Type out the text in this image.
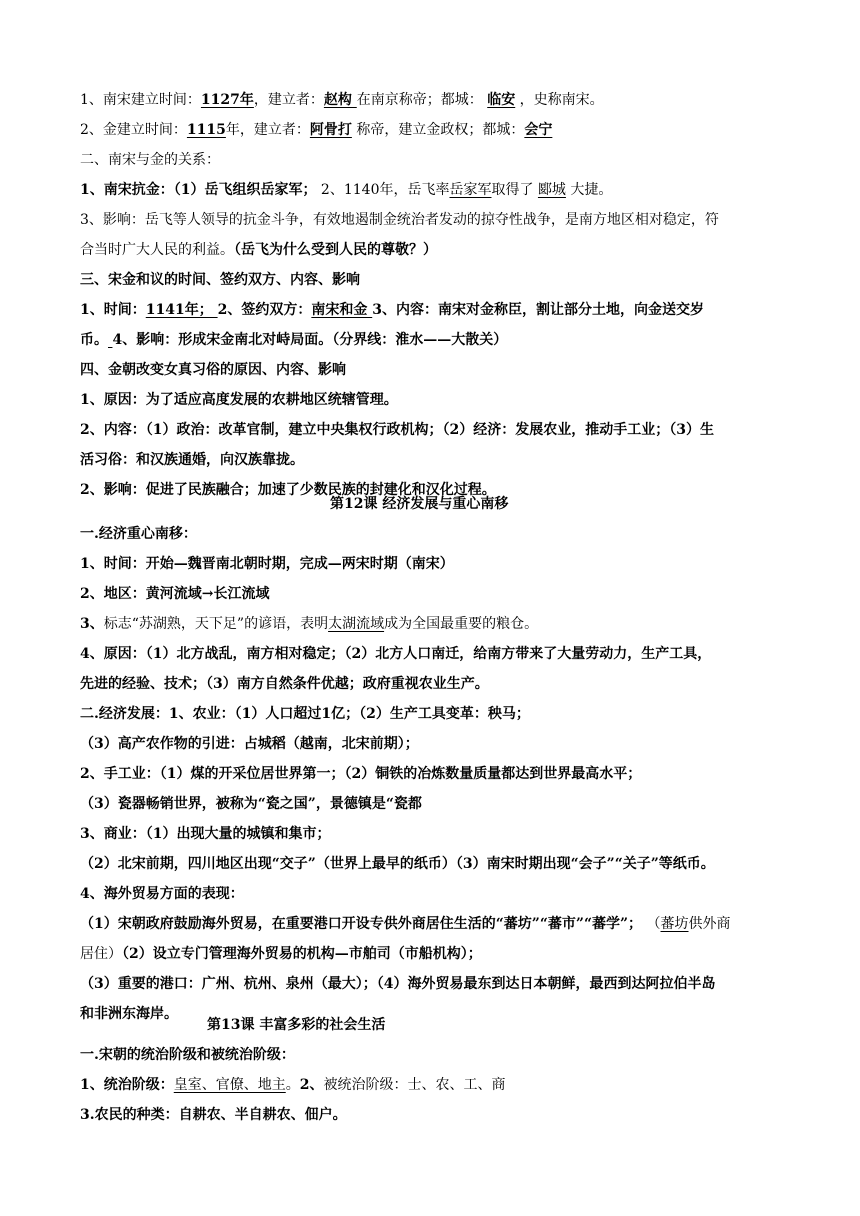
1、南宋建立时间：1127年，建立者：赵构 在南京称帝；都城： 临安 ，史称南宋。
2、金建立时间：1115年，建立者：阿骨打 称帝，建立金政权；都城：会宁
二、南宋与金的关系：
1、南宋抗金：（1）岳飞组织岳家军； 2、1140年，岳飞率岳家军取得了 郾城 大捷。
3、影响：岳飞等人领导的抗金斗争，有效地遏制金统治者发动的掠夺性战争，是南方地区相对稳定，符
合当时广大人民的利益。（岳飞为什么受到人民的尊敬？）
三、宋金和议的时间、签约双方、内容、影响
1、时间：1141年； 2、签约双方：南宋和金 3、内容：南宋对金称臣，割让部分土地，向金送交岁
币。 4、影响：形成宋金南北对峙局面。（分界线：淮水——大散关）
四、金朝改变女真习俗的原因、内容、影响
1、原因：为了适应高度发展的农耕地区统辖管理。
2、内容：（1）政治：改革官制，建立中央集权行政机构；（2）经济：发展农业，推动手工业；（3）生
活习俗：和汉族通婚，向汉族靠拢。
2、影响：促进了民族融合；加速了少数民族的封建化和汉化过程。
一.经济重心南移：
1、时间：开始—魏晋南北朝时期，完成—两宋时期（南宋）
2、地区：黄河流域→长江流域
3、标志“苏湖熟，天下足”的谚语，表明太湖流域成为全国最重要的粮仓。
4、原因：（1）北方战乱，南方相对稳定；（2）北方人口南迁，给南方带来了大量劳动力，生产工具，
先进的经验、技术；（3）南方自然条件优越；政府重视农业生产。
二.经济发展：1、农业：（1）人口超过1亿；（2）生产工具变革：秧马；
（3）高产农作物的引进：占城稻（越南，北宋前期）；
2、手工业：（1）煤的开采位居世界第一；（2）铜铁的冶炼数量质量都达到世界最高水平；
（3）瓷器畅销世界，被称为“瓷之国”，景德镇是“瓷都
3、商业：（1）出现大量的城镇和集市；
（2）北宋前期，四川地区出现“交子”（世界上最早的纸币）（3）南宋时期出现“会子”“关子”等纸币。
4、海外贸易方面的表现：
（1）宋朝政府鼓励海外贸易，在重要港口开设专供外商居住生活的“蕃坊”“蕃市”“蕃学”； （蕃坊供外商
居住）（2）设立专门管理海外贸易的机构—市舶司（市船机构）；
（3）重要的港口：广州、杭州、泉州（最大）；（4）海外贸易最东到达日本朝鲜，最西到达阿拉伯半岛
和非洲东海岸。
一.宋朝的统治阶级和被统治阶级：
1、统治阶级：皇室、官僚、地主。2、被统治阶级：士、农、工、商
3.农民的种类：自耕农、半自耕农、佃户。
第12课 经济发展与重心南移
第13课 丰富多彩的社会生活
